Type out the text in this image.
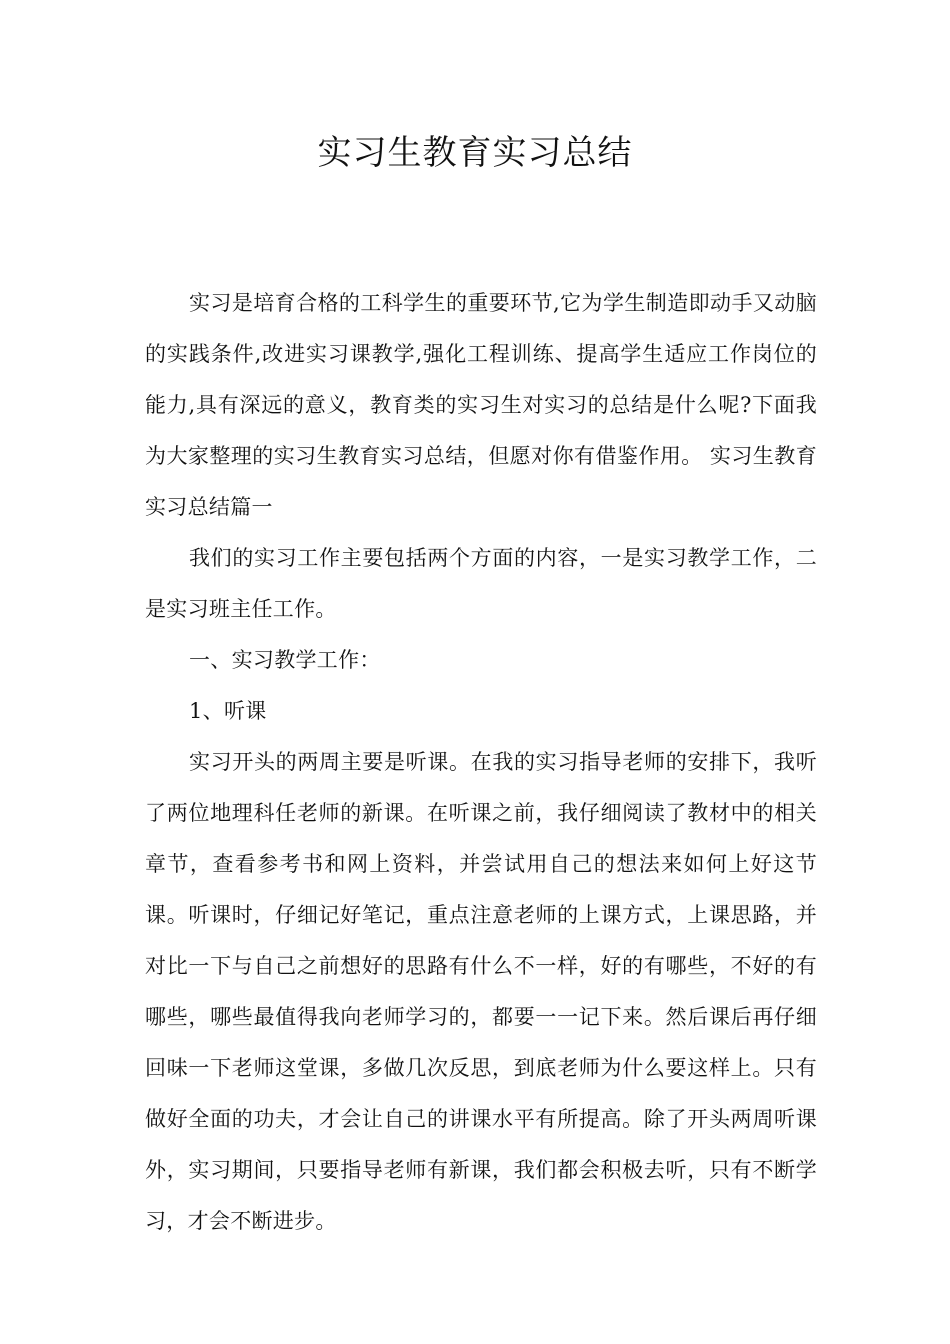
实习生教育实习总结

实习是培育合格的工科学生的重要环节,它为学生制造即动手又动脑的实践条件,改进实习课教学,强化工程训练、提高学生适应工作岗位的能力,具有深远的意义，教育类的实习生对实习的总结是什么呢?下面我为大家整理的实习生教育实习总结，但愿对你有借鉴作用。 实习生教育实习总结篇一

我们的实习工作主要包括两个方面的内容，一是实习教学工作，二是实习班主任工作。

一、实习教学工作：

1、听课

实习开头的两周主要是听课。在我的实习指导老师的安排下，我听了两位地理科任老师的新课。在听课之前，我仔细阅读了教材中的相关章节，查看参考书和网上资料，并尝试用自己的想法来如何上好这节课。听课时，仔细记好笔记，重点注意老师的上课方式，上课思路，并对比一下与自己之前想好的思路有什么不一样，好的有哪些，不好的有哪些，哪些最值得我向老师学习的，都要一一记下来。然后课后再仔细回味一下老师这堂课，多做几次反思，到底老师为什么要这样上。只有做好全面的功夫，才会让自己的讲课水平有所提高。除了开头两周听课外，实习期间，只要指导老师有新课，我们都会积极去听，只有不断学习，才会不断进步。
